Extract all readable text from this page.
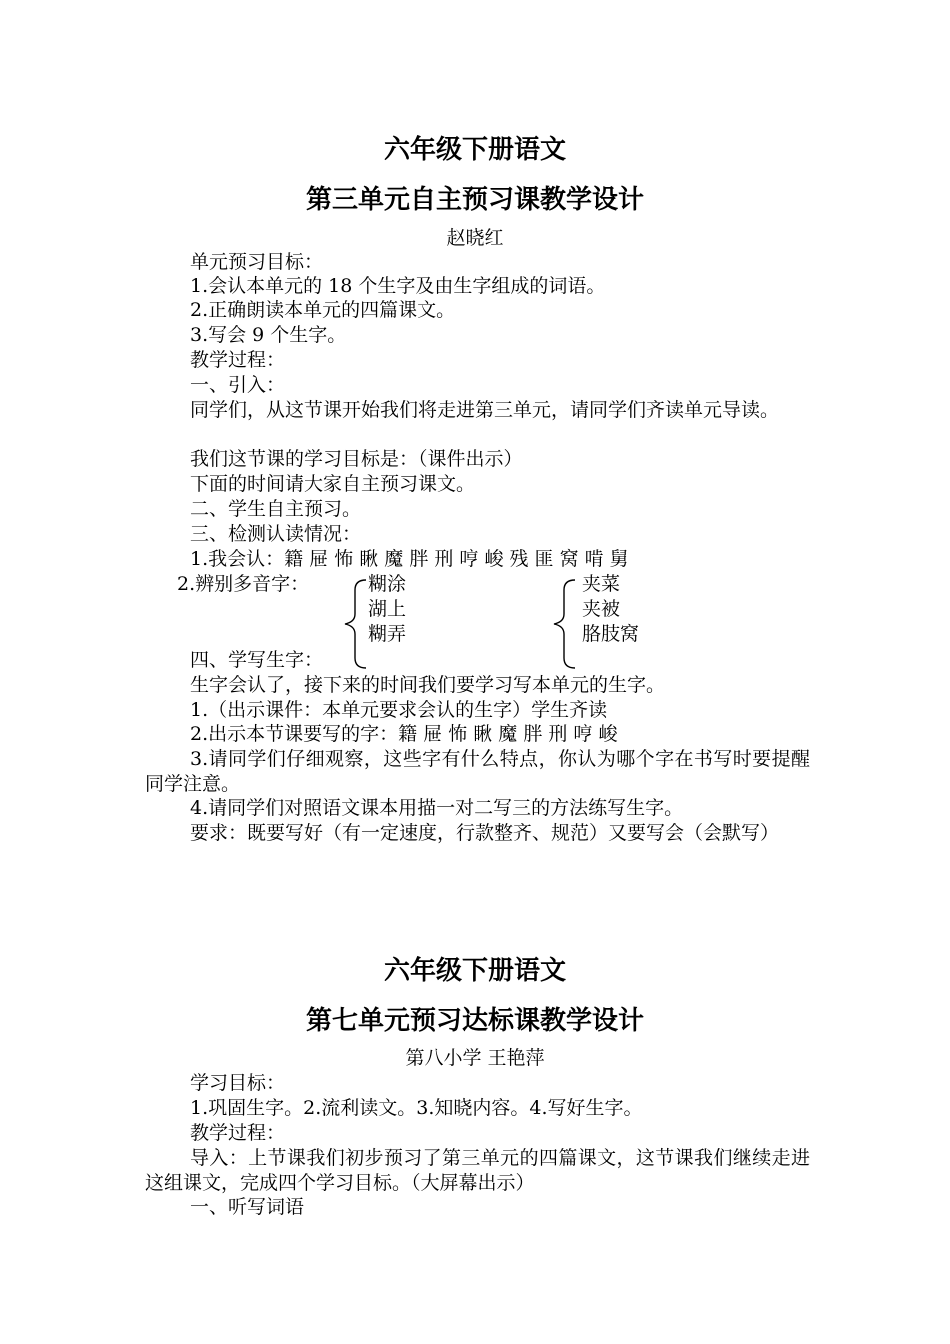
六年级下册语文
第三单元自主预习课教学设计
赵晓红
单元预习目标：
1.会认本单元的 18 个生字及由生字组成的词语。
2.正确朗读本单元的四篇课文。
3.写会 9 个生字。
教学过程：
一、引入：

同学们，从这节课开始我们将走进第三单元，请同学们齐读单元导读。

我们这节课的学习目标是：（课件出示）
下面的时间请大家自主预习课文。
二、学生自主预习。
三、检测认读情况：
1.我会认：籍 屉 怖 瞅 魔 胖 刑 哼 峻 残 匪 窝 啃 舅
2.辨别多音字：	糊涂
湖上
糊弄
夹菜
夹被
胳肢窝
四、学写生字：
生字会认了，接下来的时间我们要学习写本单元的生字。
1.（出示课件：本单元要求会认的生字）学生齐读
2.出示本节课要写的字：籍 屉 怖 瞅 魔 胖 刑 哼 峻

3.请同学们仔细观察，这些字有什么特点，你认为哪个字在书写时要提醒同学注意。

4.请同学们对照语文课本用描一对二写三的方法练写生字。

要求：既要写好（有一定速度，行款整齐、规范）又要写会（会默写）

六年级下册语文
第七单元预习达标课教学设计
第八小学 王艳萍
学习目标：
1.巩固生字。2.流利读文。3.知晓内容。4.写好生字。
教学过程：

导入：上节课我们初步预习了第三单元的四篇课文，这节课我们继续走进这组课文，完成四个学习目标。（大屏幕出示）

一、听写词语
